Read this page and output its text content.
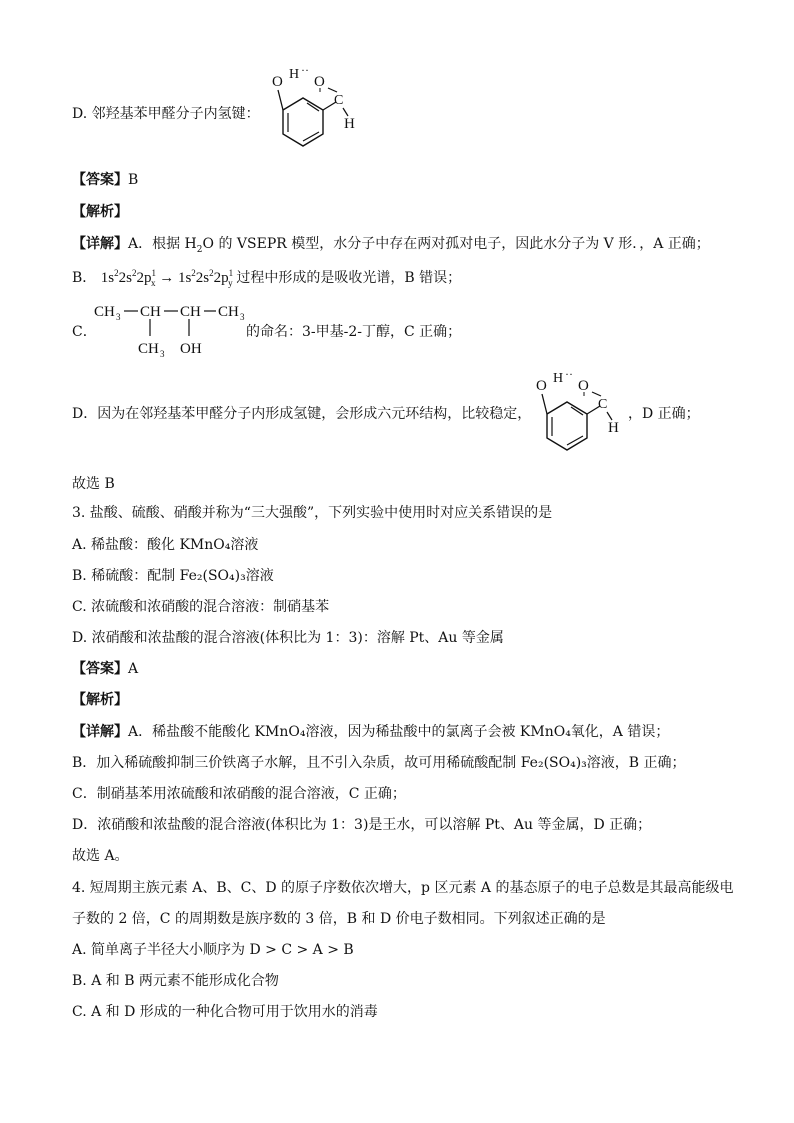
D. 邻羟基苯甲醛分子内氢键：
O H ··
C
O
H
【答案】B
【解析】
【详解】A．根据 $H_2O$ 的 VSEPR 模型，水分子中存在两对孤对电子，因此水分子为 V 形．，A 正确；
B． $1s^22s^22p^1_x \to 1s^22s^22p^1_y$ 过程中形成的是吸收光谱，B 错误；
C．
CH 3 CH CH CH 3
CH 3 OH
的命名：3-甲基-2-丁醇，C 正确；
D．因为在邻羟基苯甲醛分子内形成氢键，会形成六元环结构，比较稳定，
O H ··
C
O
H
，D 正确；
故选 B
3. 盐酸、硫酸、硝酸并称为“三大强酸”，下列实验中使用时对应关系错误的是
A. 稀盐酸：酸化 KMnO₄溶液
B. 稀硫酸：配制 Fe₂(SO₄)₃溶液
C. 浓硫酸和浓硝酸的混合溶液：制硝基苯
D. 浓硝酸和浓盐酸的混合溶液(体积比为 1：3)：溶解 Pt、Au 等金属
【答案】A
【解析】
【详解】A．稀盐酸不能酸化 KMnO₄溶液，因为稀盐酸中的氯离子会被 KMnO₄氧化，A 错误；
B．加入稀硫酸抑制三价铁离子水解，且不引入杂质，故可用稀硫酸配制 Fe₂(SO₄)₃溶液，B 正确；
C．制硝基苯用浓硫酸和浓硝酸的混合溶液，C 正确；
D．浓硝酸和浓盐酸的混合溶液(体积比为 1：3)是王水，可以溶解 Pt、Au 等金属，D 正确；
故选 A。
4. 短周期主族元素 A、B、C、D 的原子序数依次增大，p 区元素 A 的基态原子的电子总数是其最高能级电
子数的 2 倍，C 的周期数是族序数的 3 倍，B 和 D 价电子数相同。下列叙述正确的是
A. 简单离子半径大小顺序为 D > C > A > B
B. A 和 B 两元素不能形成化合物
C. A 和 D 形成的一种化合物可用于饮用水的消毒
